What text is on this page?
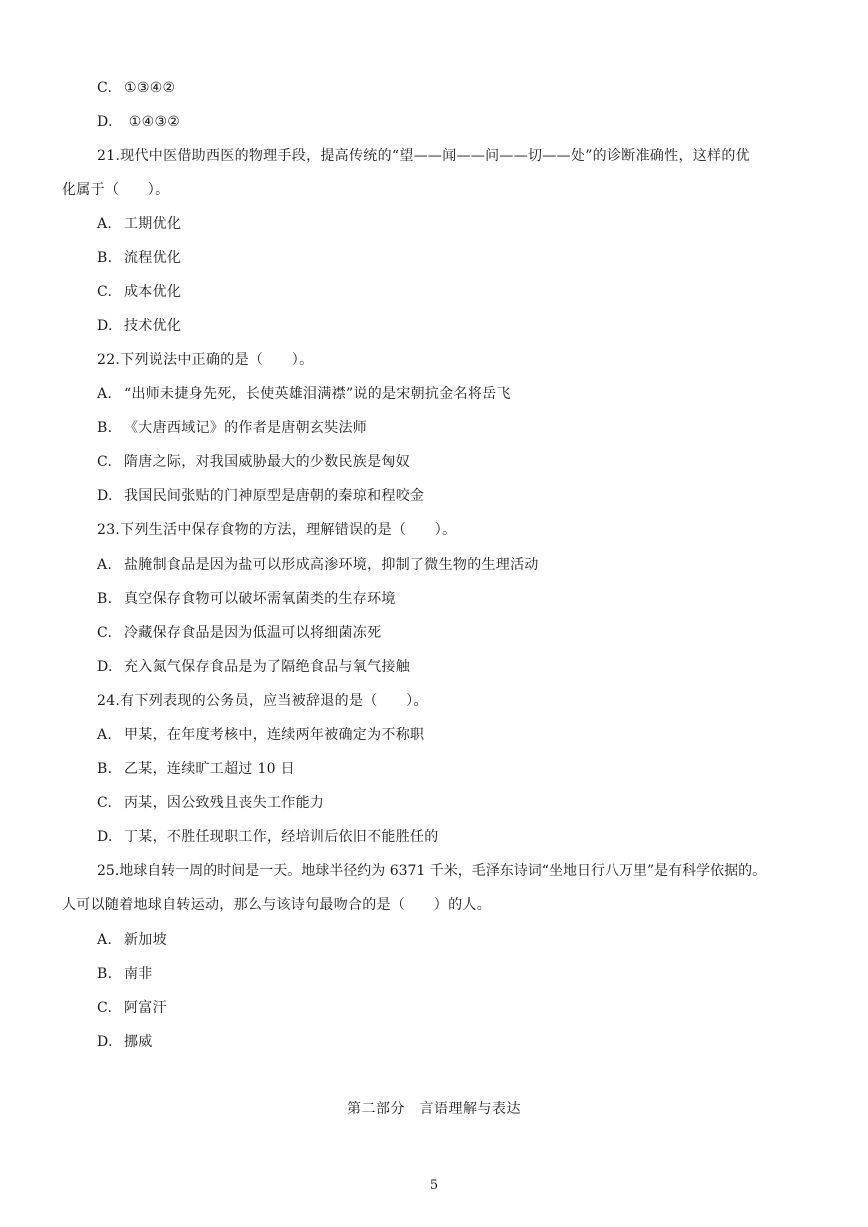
C. ①③④②
D. ①④③②
21.现代中医借助西医的物理手段，提高传统的“望——闻——问——切——处”的诊断准确性，这样的优
化属于（　　）。
A. 工期优化
B. 流程优化
C. 成本优化
D. 技术优化
22.下列说法中正确的是（　　）。
A. “出师未捷身先死，长使英雄泪满襟”说的是宋朝抗金名将岳飞
B. 《大唐西域记》的作者是唐朝玄奘法师
C. 隋唐之际，对我国威胁最大的少数民族是匈奴
D. 我国民间张贴的门神原型是唐朝的秦琼和程咬金
23.下列生活中保存食物的方法，理解错误的是（　　）。
A. 盐腌制食品是因为盐可以形成高渗环境，抑制了微生物的生理活动
B. 真空保存食物可以破坏需氧菌类的生存环境
C. 冷藏保存食品是因为低温可以将细菌冻死
D. 充入氮气保存食品是为了隔绝食品与氧气接触
24.有下列表现的公务员，应当被辞退的是（　　）。
A. 甲某，在年度考核中，连续两年被确定为不称职
B. 乙某，连续旷工超过 10 日
C. 丙某，因公致残且丧失工作能力
D. 丁某，不胜任现职工作，经培训后依旧不能胜任的
25.地球自转一周的时间是一天。地球半径约为 6371 千米，毛泽东诗词“坐地日行八万里”是有科学依据的。
人可以随着地球自转运动，那么与该诗句最吻合的是（　　）的人。
A. 新加坡
B. 南非
C. 阿富汗
D. 挪威
第二部分　言语理解与表达
5
